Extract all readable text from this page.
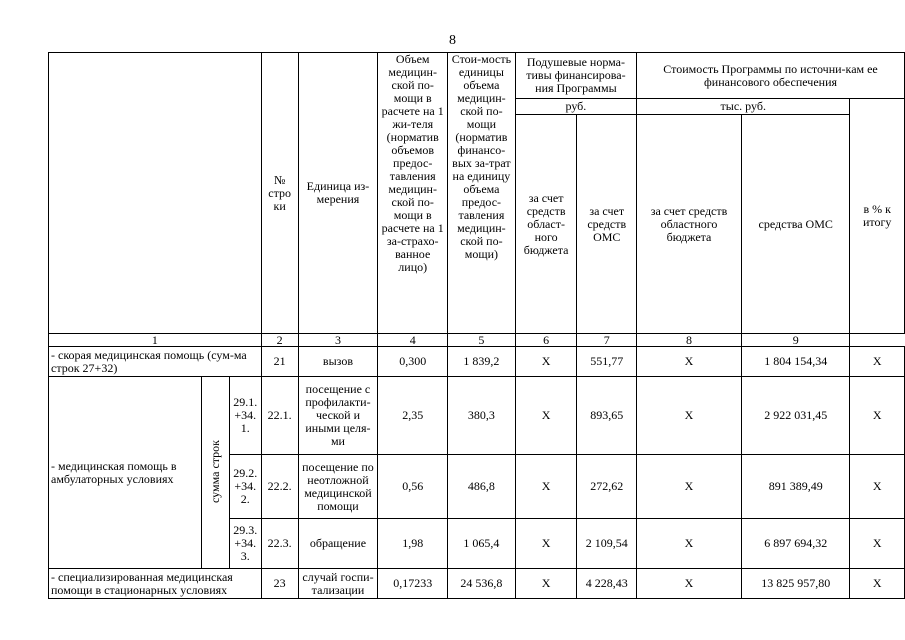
8
			№ стро ки	Единица из-мерения	Объем медицин-ской по-мощи в расчете на 1 жи-теля (норматив объемов предос-тавления медицин-ской по-мощи в расчете на 1 за-страхо-ванное лицо)	Стои-мость единицы объема медицин-ской по-мощи (норматив финансо-вых за-трат на единицу объема предос-тавления медицин-ской по-мощи)	Подушевые норма-тивы финансирова-ния Программы		Стоимость Программы по источни-кам ее финансового обеспечения		
							руб.		тыс. руб.		в % к итогу
							за счет средств област-ного бюджета	за счет средств ОМС	за счет средств областного бюджета	средства ОМС	
1			2	3	4	5	6	7	8	9	
- скорая медицинская помощь (сум-ма строк 27+32)			21	вызов	0,300	1 839,2	Х	551,77	Х	1 804 154,34	Х
- медицинская помощь в амбулаторных условиях	сумма строк	29.1. +34. 1.	22.1.	посещение с профилакти-ческой и иными целя-ми	2,35	380,3	Х	893,65	Х	2 922 031,45	Х
		29.2. +34. 2.	22.2.	посещение по неотложной медицинской помощи	0,56	486,8	Х	272,62	Х	891 389,49	Х
		29.3. +34. 3.	22.3.	обращение	1,98	1 065,4	Х	2 109,54	Х	6 897 694,32	Х
- специализированная медицинская помощи в стационарных условиях			23	случай госпи-тализации	0,17233	24 536,8	Х	4 228,43	Х	13 825 957,80	Х
